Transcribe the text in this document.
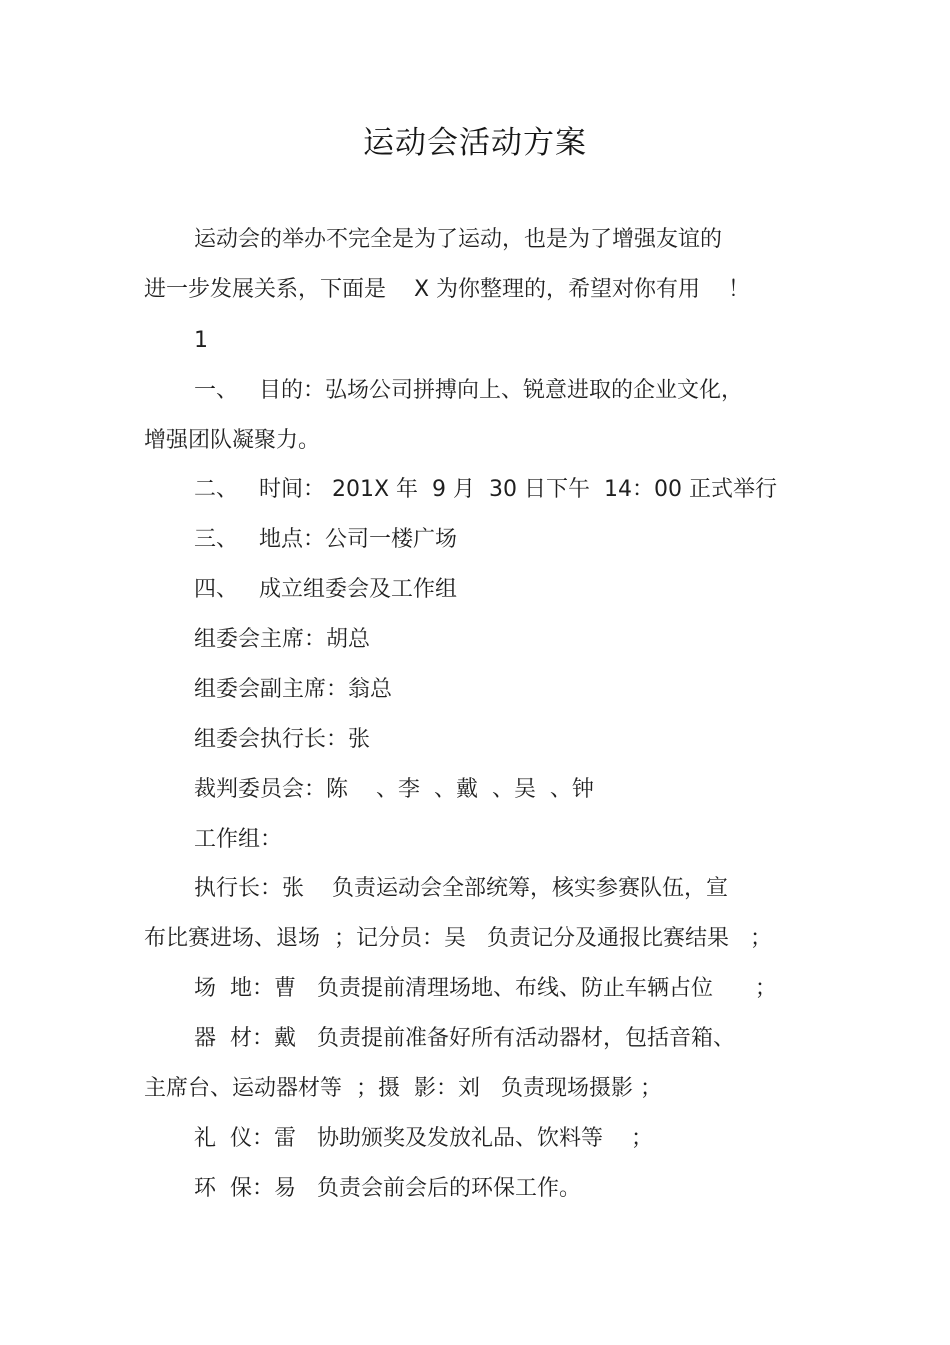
运动会活动方案
运动会的举办不完全是为了运动，也是为了增强友谊的
进一步发展关系，下面是    X 为你整理的，希望对你有用    ！
1
一、   目的：弘场公司拼搏向上、锐意进取的企业文化，
增强团队凝聚力。
二、   时间： 201X 年  9 月  30 日下午  14：00 正式举行
三、   地点：公司一楼广场
四、   成立组委会及工作组
组委会主席：胡总
组委会副主席：翁总
组委会执行长：张
裁判委员会：陈    、李  、戴  、吴  、钟
工作组：
执行长：张    负责运动会全部统筹，核实参赛队伍，宣
布比赛进场、退场  ；记分员：吴   负责记分及通报比赛结果   ；
场  地：曹   负责提前清理场地、布线、防止车辆占位      ；
器  材：戴   负责提前准备好所有活动器材，包括音箱、
主席台、运动器材等  ；摄  影：刘   负责现场摄影 ；
礼  仪：雷   协助颁奖及发放礼品、饮料等    ；
环  保：易   负责会前会后的环保工作。
